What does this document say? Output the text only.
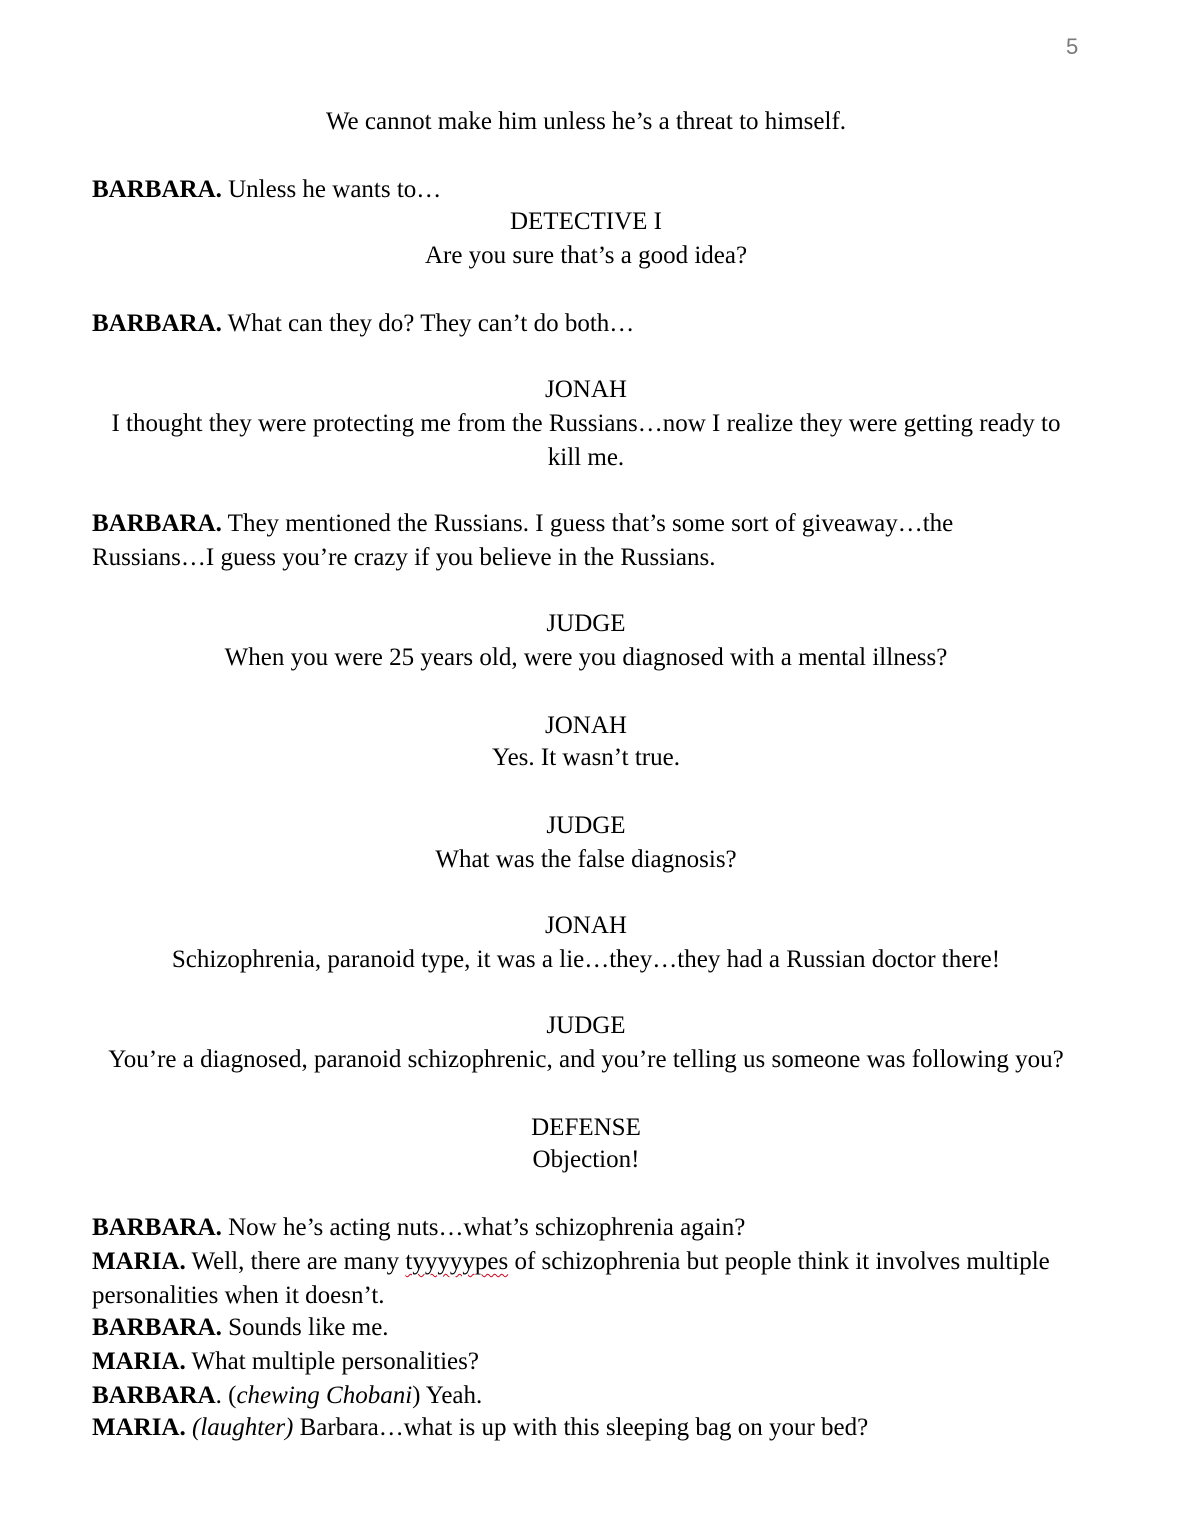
5
We cannot make him unless he’s a threat to himself.
BARBARA. Unless he wants to…
DETECTIVE I
Are you sure that’s a good idea?
BARBARA. What can they do? They can’t do both…
JONAH
I thought they were protecting me from the Russians…now I realize they were getting ready to
kill me.
BARBARA. They mentioned the Russians. I guess that’s some sort of giveaway…the
Russians…I guess you’re crazy if you believe in the Russians.
JUDGE
When you were 25 years old, were you diagnosed with a mental illness?
JONAH
Yes. It wasn’t true.
JUDGE
What was the false diagnosis?
JONAH
Schizophrenia, paranoid type, it was a lie…they…they had a Russian doctor there!
JUDGE
You’re a diagnosed, paranoid schizophrenic, and you’re telling us someone was following you?
DEFENSE
Objection!
BARBARA. Now he’s acting nuts…what’s schizophrenia again?
MARIA. Well, there are many tyyyyypes of schizophrenia but people think it involves multiple
personalities when it doesn’t.
BARBARA. Sounds like me.
MARIA. What multiple personalities?
BARBARA. (chewing Chobani) Yeah.
MARIA. (laughter) Barbara…what is up with this sleeping bag on your bed?
